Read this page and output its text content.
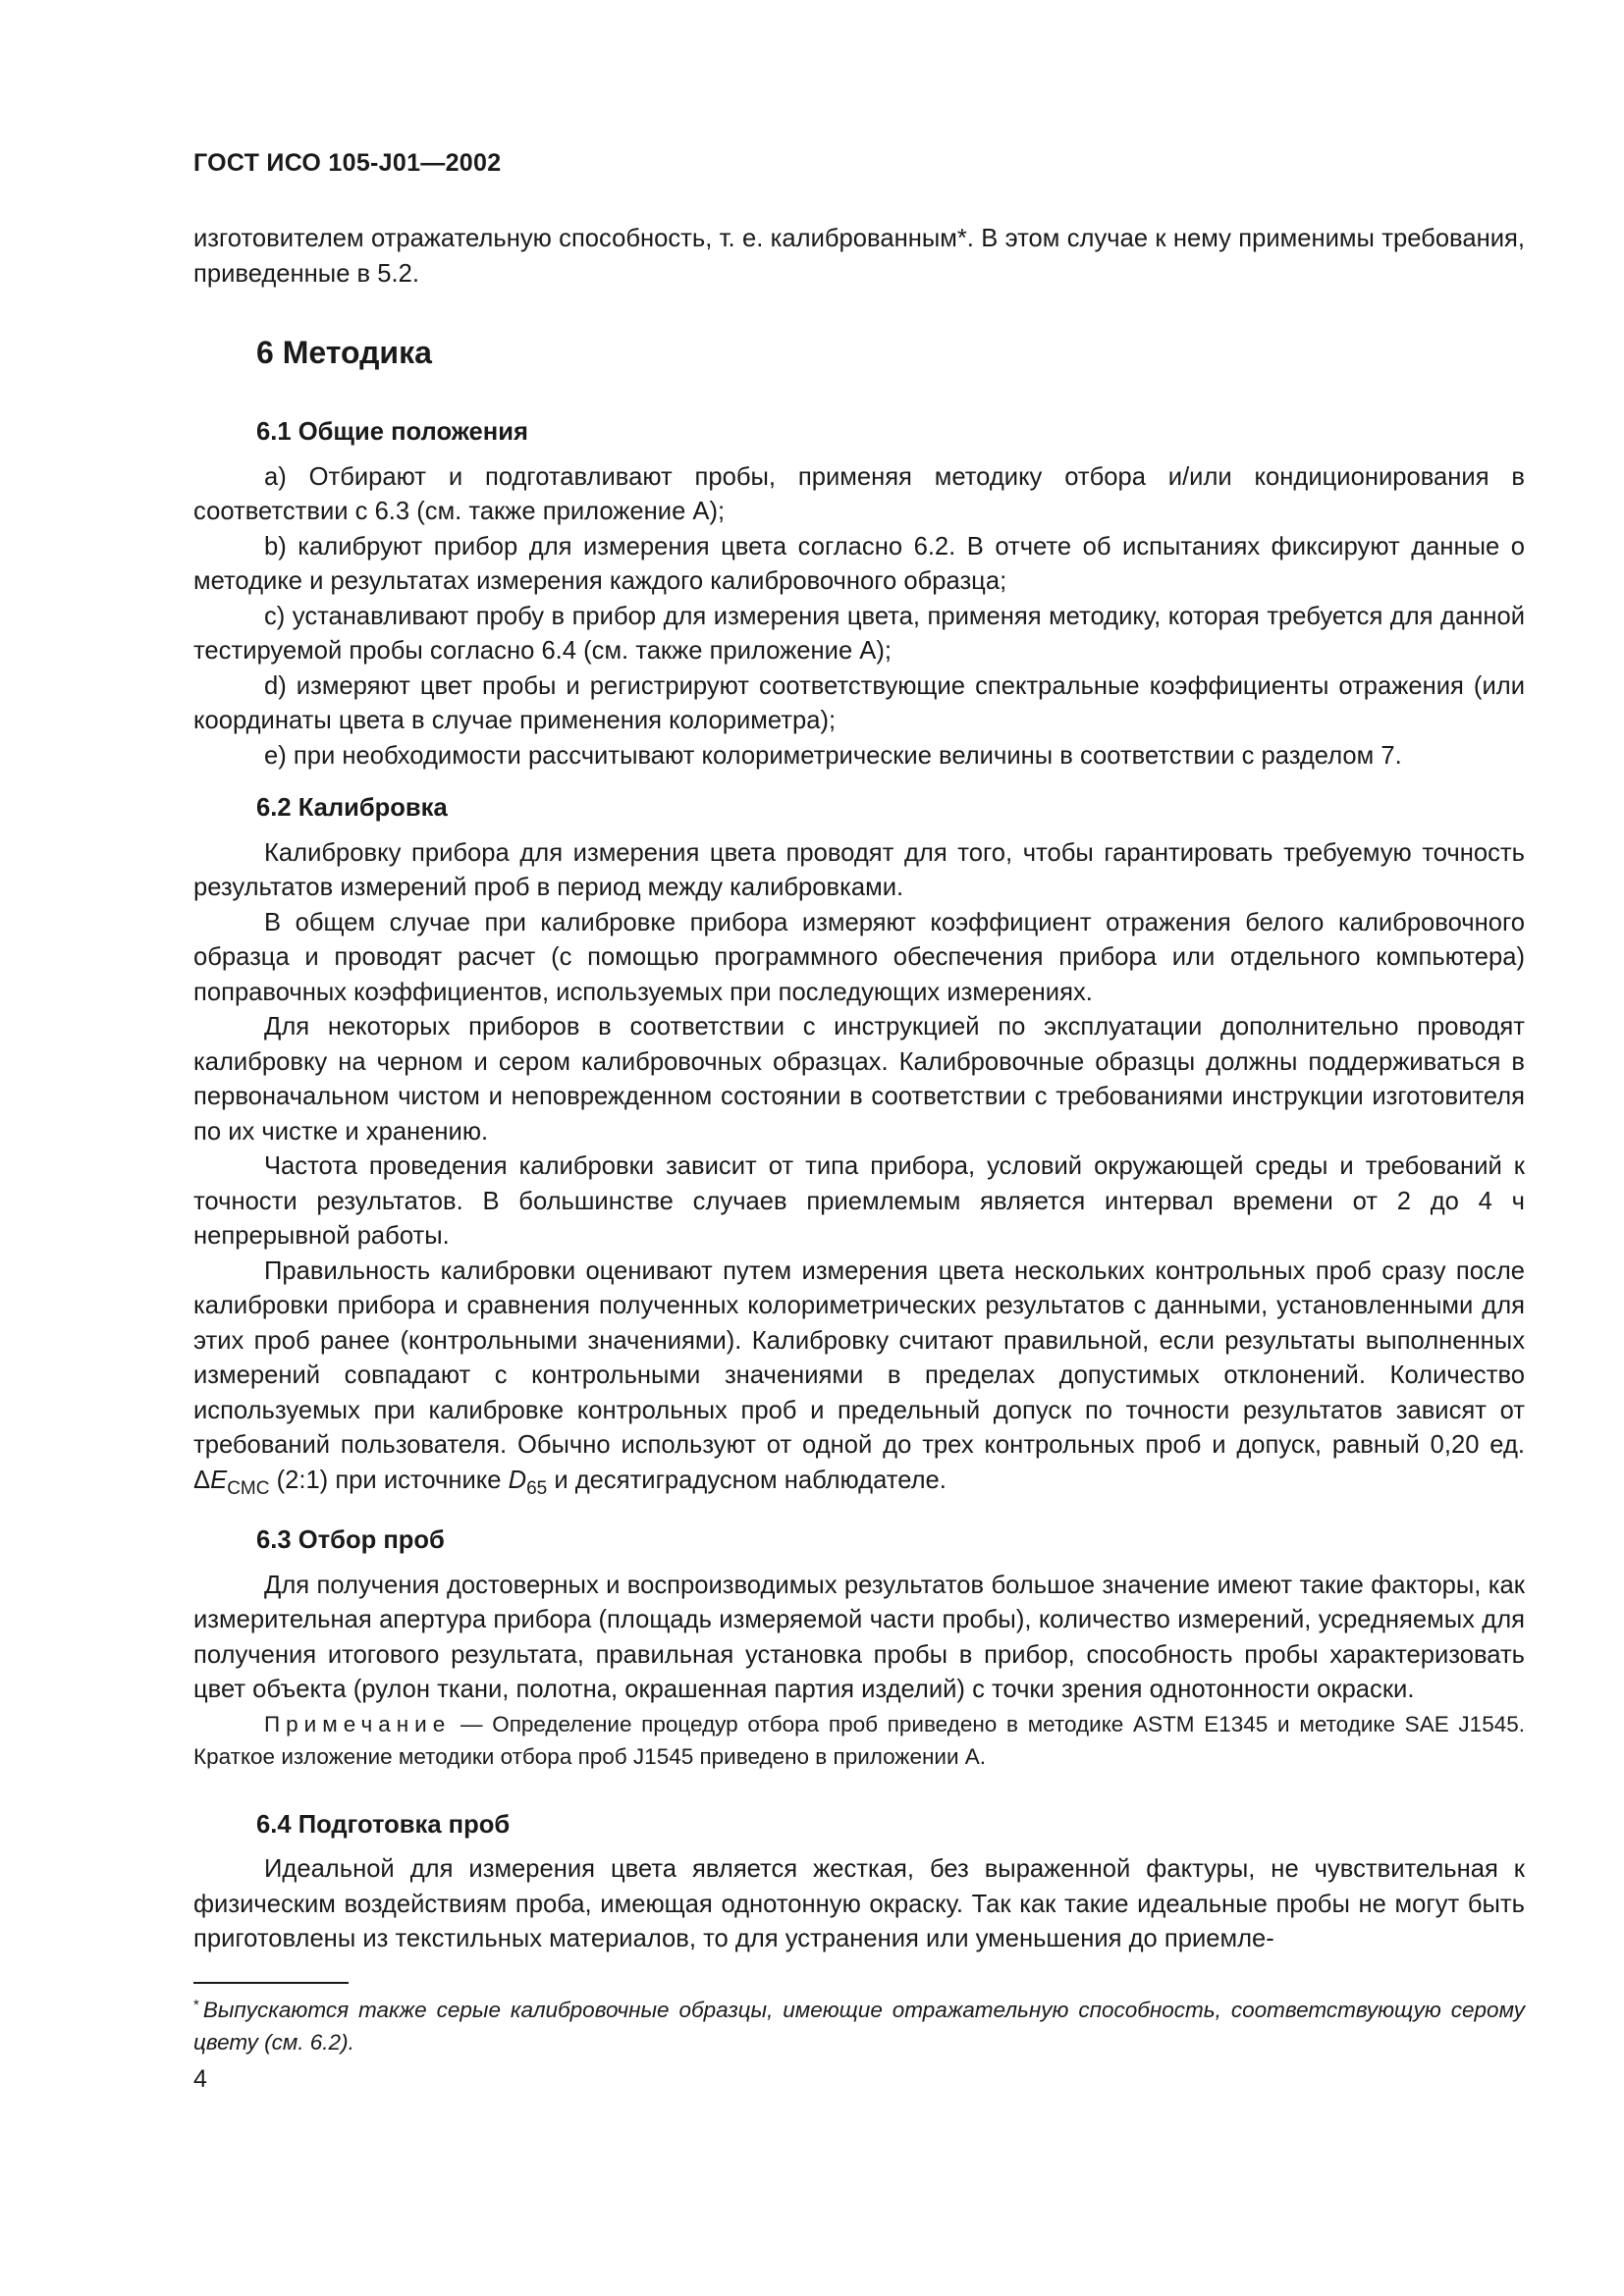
ГОСТ ИСО 105-J01—2002

изготовителем отражательную способность, т. е. калиброванным*. В этом случае к нему применимы требования, приведенные в 5.2.

6 Методика
6.1 Общие положения

a) Отбирают и подготавливают пробы, применяя методику отбора и/или кондиционирования в соответствии с 6.3 (см. также приложение А);

b) калибруют прибор для измерения цвета согласно 6.2. В отчете об испытаниях фиксируют данные о методике и результатах измерения каждого калибровочного образца;

c) устанавливают пробу в прибор для измерения цвета, применяя методику, которая требуется для данной тестируемой пробы согласно 6.4 (см. также приложение А);

d) измеряют цвет пробы и регистрируют соответствующие спектральные коэффициенты отражения (или координаты цвета в случае применения колориметра);

e) при необходимости рассчитывают колориметрические величины в соответствии с разделом 7.

6.2 Калибровка

Калибровку прибора для измерения цвета проводят для того, чтобы гарантировать требуемую точность результатов измерений проб в период между калибровками.

В общем случае при калибровке прибора измеряют коэффициент отражения белого калибровочного образца и проводят расчет (с помощью программного обеспечения прибора или отдельного компьютера) поправочных коэффициентов, используемых при последующих измерениях.

Для некоторых приборов в соответствии с инструкцией по эксплуатации дополнительно проводят калибровку на черном и сером калибровочных образцах. Калибровочные образцы должны поддерживаться в первоначальном чистом и неповрежденном состоянии в соответствии с требованиями инструкции изготовителя по их чистке и хранению.

Частота проведения калибровки зависит от типа прибора, условий окружающей среды и требований к точности результатов. В большинстве случаев приемлемым является интервал времени от 2 до 4 ч непрерывной работы.

Правильность калибровки оценивают путем измерения цвета нескольких контрольных проб сразу после калибровки прибора и сравнения полученных колориметрических результатов с данными, установленными для этих проб ранее (контрольными значениями). Калибровку считают правильной, если результаты выполненных измерений совпадают с контрольными значениями в пределах допустимых отклонений. Количество используемых при калибровке контрольных проб и предельный допуск по точности результатов зависят от требований пользователя. Обычно используют от одной до трех контрольных проб и допуск, равный 0,20 ед. $\Delta E_{CMC}$ (2:1) при источнике $D_{65}$ и десятиградусном наблюдателе.

6.3 Отбор проб

Для получения достоверных и воспроизводимых результатов большое значение имеют такие факторы, как измерительная апертура прибора (площадь измеряемой части пробы), количество измерений, усредняемых для получения итогового результата, правильная установка пробы в прибор, способность пробы характеризовать цвет объекта (рулон ткани, полотна, окрашенная партия изделий) с точки зрения однотонности окраски.

Примечание — Определение процедур отбора проб приведено в методике ASTM E1345 и методике SAE J1545. Краткое изложение методики отбора проб J1545 приведено в приложении А.

6.4 Подготовка проб

Идеальной для измерения цвета является жесткая, без выраженной фактуры, не чувствительная к физическим воздействиям проба, имеющая однотонную окраску. Так как такие идеальные пробы не могут быть приготовлены из текстильных материалов, то для устранения или уменьшения до приемле-

* Выпускаются также серые калибровочные образцы, имеющие отражательную способность, соответствующую серому цвету (см. 6.2).
4
